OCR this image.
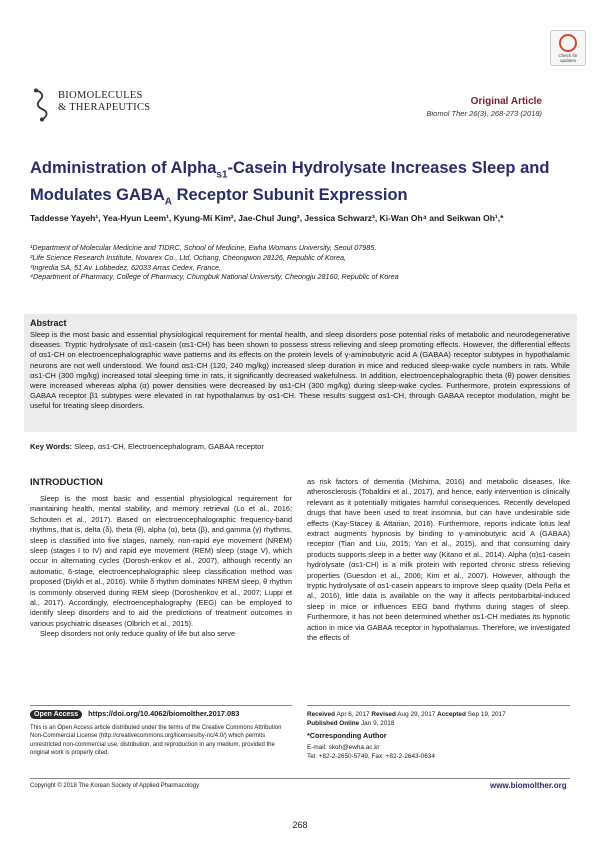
Check for
updates
BIOMOLECULES
& THERAPEUTICS
Original Article
Biomol Ther 26(3), 268-273 (2018)
Administration of Alpha$_{s1}$-Casein Hydrolysate Increases Sleep and Modulates $GABA_A$ Receptor Subunit Expression
Taddesse Yayeh¹, Yea-Hyun Leem¹, Kyung-Mi Kim², Jae-Chul Jung², Jessica Schwarz³, Ki-Wan Oh⁴ and Seikwan Oh¹,*
¹Department of Molecular Medicine and TIDRC, School of Medicine, Ewha Womans University, Seoul 07985,
²Life Science Research Institute, Novarex Co., Ltd, Ochang, Cheongwon 28126, Republic of Korea,
³Ingredia SA, 51 Av. Lobbedez, 62033 Arras Cedex, France,
⁴Department of Pharmacy, College of Pharmacy, Chungbuk National University, Cheongju 28160, Republic of Korea
Abstract
Sleep is the most basic and essential physiological requirement for mental health, and sleep disorders pose potential risks of metabolic and neurodegenerative diseases. Tryptic hydrolysate of αs1-casein (αs1-CH) has been shown to possess stress relieving and sleep promoting effects. However, the differential effects of αs1-CH on electroencephalographic wave patterns and its effects on the protein levels of γ-aminobutyric acid A (GABAA) receptor subtypes in hypothalamic neurons are not well understood. We found αs1-CH (120, 240 mg/kg) increased sleep duration in mice and reduced sleep-wake cycle numbers in rats. While αs1-CH (300 mg/kg) increased total sleeping time in rats, it significantly decreased wakefulness. In addition, electroencephalographic theta (θ) power densities were increased whereas alpha (α) power densities were decreased by αs1-CH (300 mg/kg) during sleep-wake cycles. Furthermore, protein expressions of GABAA receptor β1 subtypes were elevated in rat hypothalamus by αs1-CH. These results suggest αs1-CH, through GABAA receptor modulation, might be useful for treating sleep disorders.
Key Words: Sleep, αs1-CH, Electroencephalogram, GABAA receptor
INTRODUCTION

Sleep is the most basic and essential physiological requirement for maintaining health, mental stability, and memory retrieval (Lo et al., 2016; Schouten et al., 2017). Based on electroencephalographic frequency-band rhythms, that is, delta (δ), theta (θ), alpha (α), beta (β), and gamma (γ) rhythms, sleep is classified into five stages, namely, non-rapid eye movement (NREM) sleep (stages I to IV) and rapid eye movement (REM) sleep (stage V), which occur in alternating cycles (Dorosh-enkov et al., 2007), although recently an automatic, 6-stage, electroencephalographic sleep classification method was proposed (Diykh et al., 2016). While δ rhythm dominates NREM sleep, θ rhythm is commonly observed during REM sleep (Doroshenkov et al., 2007; Luppi et al., 2017). Accordingly, electroencephalography (EEG) can be employed to identify sleep disorders and to aid the predictions of treatment outcomes in various psychiatric diseases (Olbrich et al., 2015).

Sleep disorders not only reduce quality of life but also serve

as risk factors of dementia (Mishima, 2016) and metabolic diseases, like atherosclerosis (Tobaldini et al., 2017), and hence, early intervention is clinically relevant as it potentially mitigates harmful consequences. Recently developed drugs that have been used to treat insomnia, but can have undesirable side effects (Kay-Stacey & Attarian, 2016). Furthermore, reports indicate lotus leaf extract augments hypnosis by binding to γ-aminobutyric acid A (GABAA) receptor (Tian and Liu, 2015; Yan et al., 2015), and that consuming dairy products supports sleep in a better way (Kitano et al., 2014). Alpha (α)s1-casein hydrolysate (αs1-CH) is a milk protein with reported chronic stress relieving properties (Guesdon et al., 2006; Kim et al., 2007). However, although the tryptic hydrolysate of αs1-casein appears to improve sleep quality (Dela Peña et al., 2016), little data is available on the way it affects pentobarbital-induced sleep in mice or influences EEG band rhythms during stages of sleep. Furthermore, it has not been determined whether αs1-CH mediates its hypnotic action in mice via GABAA receptor in hypothalamus. Therefore, we investigated the effects of

Open Access https://doi.org/10.4062/biomolther.2017.083
This is an Open Access article distributed under the terms of the Creative Commons Attribution Non-Commercial License (http://creativecommons.org/licenses/by-nc/4.0/) which permits unrestricted non-commercial use, distribution, and reproduction in any medium, provided the original work is properly cited.
Received Apr 6, 2017 Revised Aug 29, 2017 Accepted Sep 19, 2017
Published Online Jan 9, 2018
*Corresponding Author
E-mail: skoh@ewha.ac.kr
Tel: +82-2-2650-5749, Fax: +82-2-2643-0634
Copyright © 2018 The Korean Society of Applied Pharmacology	www.biomolther.org
268
